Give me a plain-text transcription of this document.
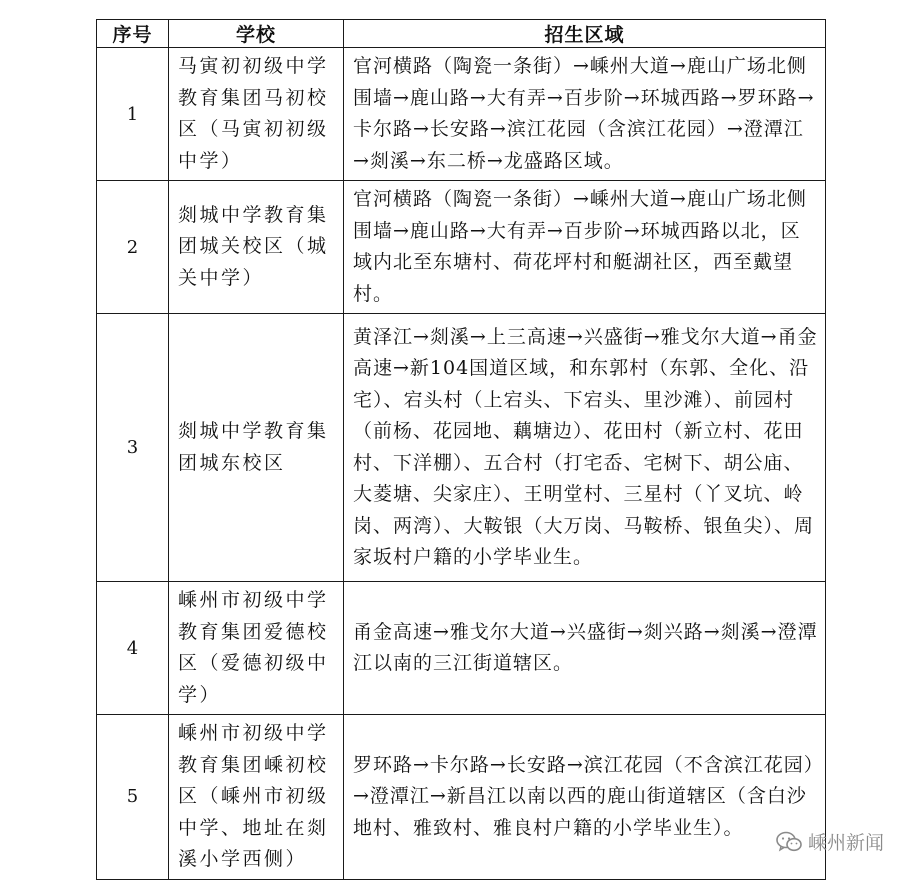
序号	学校	招生区域
1	马寅初初级中学教育集团马初校区（马寅初初级中学）	官河横路（陶瓷一条街）→嵊州大道→鹿山广场北侧围墙→鹿山路→大有弄→百步阶→环城西路→罗环路→卡尔路→长安路→滨江花园（含滨江花园）→澄潭江→剡溪→东二桥→龙盛路区域。
2	剡城中学教育集团城关校区（城关中学）	官河横路（陶瓷一条街）→嵊州大道→鹿山广场北侧围墙→鹿山路→大有弄→百步阶→环城西路以北，区域内北至东塘村、荷花坪村和艇湖社区，西至戴望村。
3	剡城中学教育集团城东校区	黄泽江→剡溪→上三高速→兴盛街→雅戈尔大道→甬金高速→新104国道区域，和东郭村（东郭、全化、沿宅）、宕头村（上宕头、下宕头、里沙滩）、前园村（前杨、花园地、藕塘边）、花田村（新立村、花田村、下洋棚）、五合村（打宅岙、宅树下、胡公庙、大菱塘、尖家庄）、王明堂村、三星村（丫叉坑、岭岗、两湾）、大鞍银（大万岗、马鞍桥、银鱼尖）、周家坂村户籍的小学毕业生。
4	嵊州市初级中学教育集团爱德校区（爱德初级中学）	甬金高速→雅戈尔大道→兴盛街→剡兴路→剡溪→澄潭江以南的三江街道辖区。
5	嵊州市初级中学教育集团嵊初校区（嵊州市初级中学、地址在剡溪小学西侧）	罗环路→卡尔路→长安路→滨江花园（不含滨江花园）→澄潭江→新昌江以南以西的鹿山街道辖区（含白沙地村、雅致村、雅良村户籍的小学毕业生）。
嵊州新闻
